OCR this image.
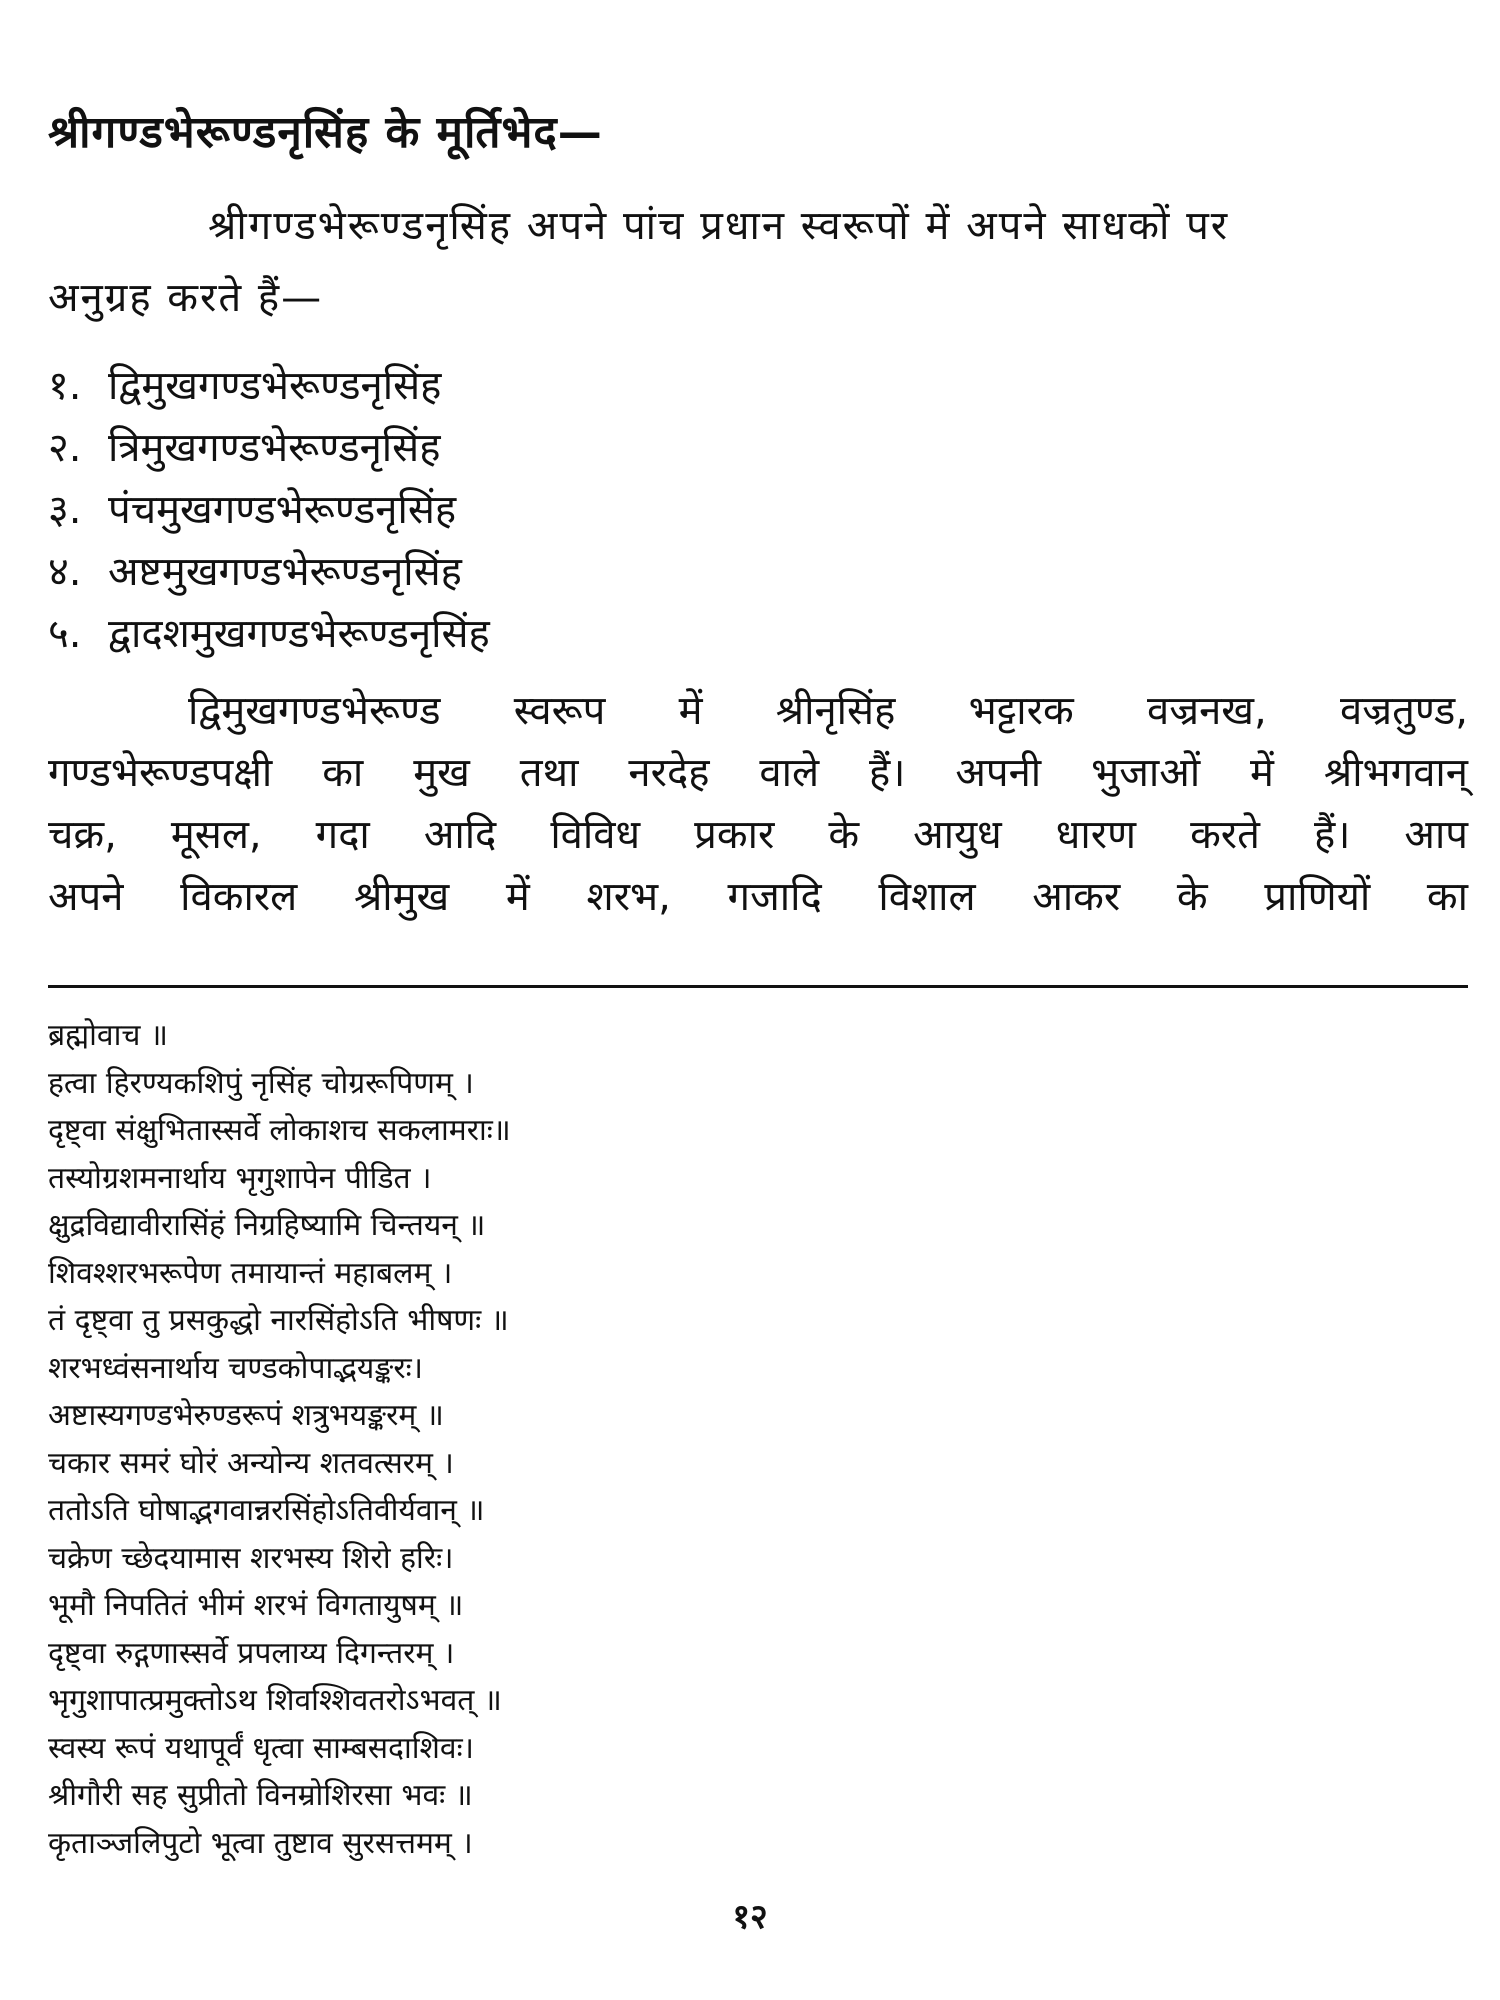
श्रीगण्डभेरूण्डनृसिंह के मूर्तिभेद—
श्रीगण्डभेरूण्डनृसिंह अपने पांच प्रधान स्वरूपों में अपने साधकों पर
अनुग्रह करते हैं—
१. द्विमुखगण्डभेरूण्डनृसिंह
२. त्रिमुखगण्डभेरूण्डनृसिंह
३. पंचमुखगण्डभेरूण्डनृसिंह
४. अष्टमुखगण्डभेरूण्डनृसिंह
५. द्वादशमुखगण्डभेरूण्डनृसिंह
द्विमुखगण्डभेरूण्ड स्वरूप में श्रीनृसिंह भट्टारक वज्रनख, वज्रतुण्ड,
गण्डभेरूण्डपक्षी का मुख तथा नरदेह वाले हैं। अपनी भुजाओं में श्रीभगवान्
चक्र, मूसल, गदा आदि विविध प्रकार के आयुध धारण करते हैं। आप
अपने विकारल श्रीमुख में शरभ, गजादि विशाल आकर के प्राणियों का
ब्रह्मोवाच ॥
हत्वा हिरण्यकशिपुं नृसिंह चोग्ररूपिणम् ।
दृष्ट्वा संक्षुभितास्सर्वे लोकाशच सकलामराः॥
तस्योग्रशमनार्थाय भृगुशापेन पीडित ।
क्षुद्रविद्यावीरासिंहं निग्रहिष्यामि चिन्तयन् ॥
शिवश्शरभरूपेण तमायान्तं महाबलम् ।
तं दृष्ट्वा तु प्रसकुद्धो नारसिंहोऽति भीषणः ॥
शरभध्वंसनार्थाय चण्डकोपाद्भयङ्करः।
अष्टास्यगण्डभेरुण्डरूपं शत्रुभयङ्करम् ॥
चकार समरं घोरं अन्योन्य शतवत्सरम् ।
ततोऽति घोषाद्भगवान्नरसिंहोऽतिवीर्यवान् ॥
चक्रेण च्छेदयामास शरभस्य शिरो हरिः।
भूमौ निपतितं भीमं शरभं विगतायुषम् ॥
दृष्ट्वा रुद्गणास्सर्वे प्रपलाय्य दिगन्तरम् ।
भृगुशापात्प्रमुक्तोऽथ शिवश्शिवतरोऽभवत् ॥
स्वस्य रूपं यथापूर्वं धृत्वा साम्बसदाशिवः।
श्रीगौरी सह सुप्रीतो विनम्रोशिरसा भवः ॥
कृताञ्जलिपुटो भूत्वा तुष्टाव सुरसत्तमम् ।
१२
